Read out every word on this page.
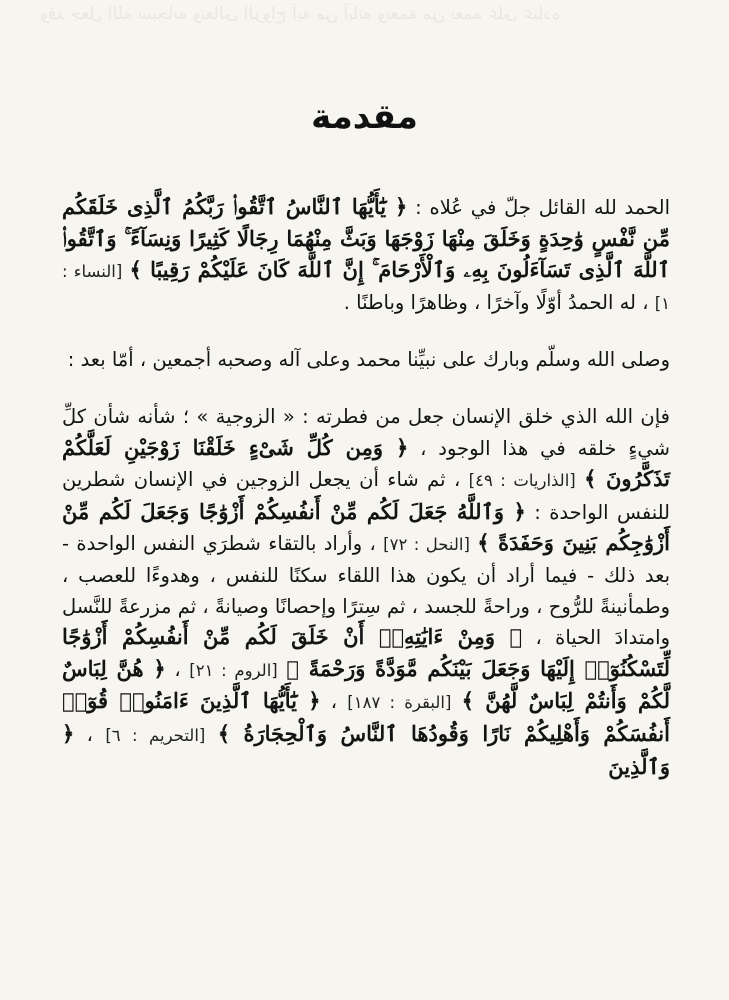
وقد جعل الله سبحانه وتعالى الزواج آية من آياته ونعمة من نعمه على عباده
مقدمة

الحمد لله القائل جلّ في عُلاه : ﴿ يَٰٓأَيُّهَا ٱلنَّاسُ ٱتَّقُوا۟ رَبَّكُمُ ٱلَّذِى خَلَقَكُم مِّن نَّفْسٍ وَٰحِدَةٍ وَخَلَقَ مِنْهَا زَوْجَهَا وَبَثَّ مِنْهُمَا رِجَالًا كَثِيرًا وَنِسَآءً ۚ وَٱتَّقُوا۟ ٱللَّهَ ٱلَّذِى تَسَآءَلُونَ بِهِۦ وَٱلْأَرْحَامَ ۚ إِنَّ ٱللَّهَ كَانَ عَلَيْكُمْ رَقِيبًا ﴾ [النساء : ١] ، له الحمدُ أوّلًا وآخرًا ، وظاهرًا وباطنًا .

وصلى الله وسلّم وبارك على نبيِّنا محمد وعلى آله وصحبه أجمعين ، أمّا بعد :

فإن الله الذي خلق الإنسان جعل من فطرته : « الزوجية » ؛ شأنه شأن كلِّ شيءٍ خلقه في هذا الوجود ، ﴿ وَمِن كُلِّ شَىْءٍ خَلَقْنَا زَوْجَيْنِ لَعَلَّكُمْ تَذَكَّرُونَ ﴾ [الذاريات : ٤٩] ، ثم شاء أن يجعل الزوجين في الإنسان شطرين للنفس الواحدة : ﴿ وَٱللَّهُ جَعَلَ لَكُم مِّنْ أَنفُسِكُمْ أَزْوَٰجًا وَجَعَلَ لَكُم مِّنْ أَزْوَٰجِكُم بَنِينَ وَحَفَدَةً ﴾ [النحل : ٧٢] ، وأراد بالتقاء شطرَي النفس الواحدة - بعد ذلك - فيما أراد أن يكون هذا اللقاء سكنًا للنفس ، وهدوءًا للعصب ، وطمأنينةً للرُّوح ، وراحةً للجسد ، ثم سِترًا وإحصانًا وصيانةً ، ثم مزرعةً للنَّسل وامتدادَ الحياة ، ﴿ وَمِنْ ءَايَٰتِهِۦٓ أَنْ خَلَقَ لَكُم مِّنْ أَنفُسِكُمْ أَزْوَٰجًا لِّتَسْكُنُوٓا۟ إِلَيْهَا وَجَعَلَ بَيْنَكُم مَّوَدَّةً وَرَحْمَةً ﴾ [الروم : ٢١] ، ﴿ هُنَّ لِبَاسٌ لَّكُمْ وَأَنتُمْ لِبَاسٌ لَّهُنَّ ﴾ [البقرة : ١٨٧] ، ﴿ يَٰٓأَيُّهَا ٱلَّذِينَ ءَامَنُوا۟ قُوٓا۟ أَنفُسَكُمْ وَأَهْلِيكُمْ نَارًا وَقُودُهَا ٱلنَّاسُ وَٱلْحِجَارَةُ ﴾ [التحريم : ٦] ، ﴿ وَٱلَّذِينَ
